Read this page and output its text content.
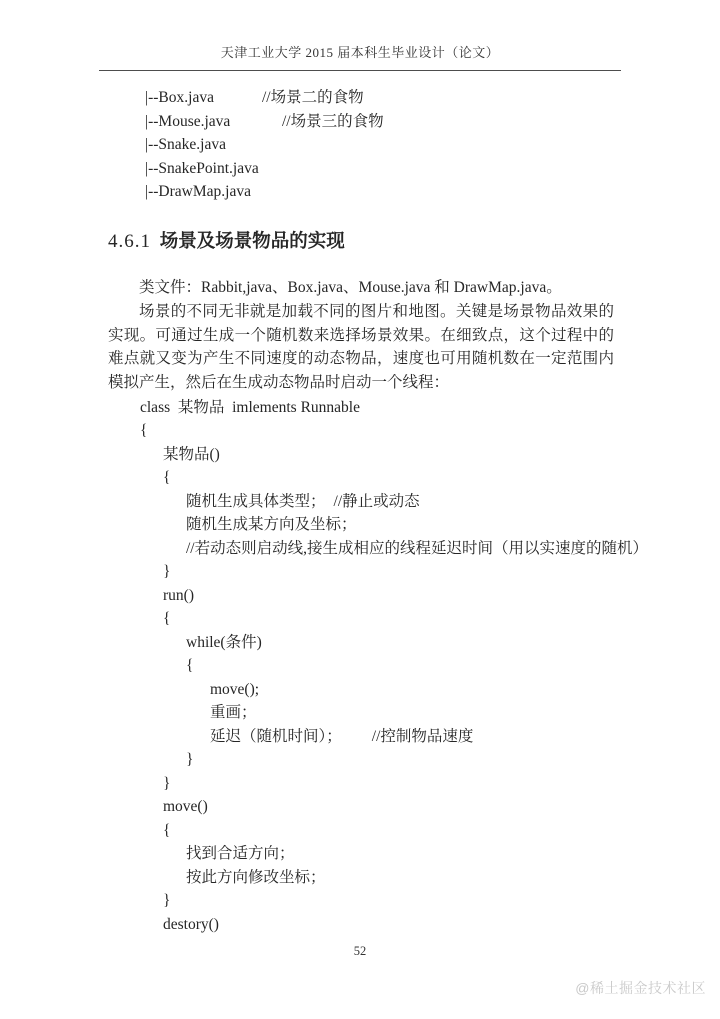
天津工业大学 2015 届本科生毕业设计（论文）
|--Box.java	//场景二的食物
|--Mouse.java	//场景三的食物
|--Snake.java
|--SnakePoint.java
|--DrawMap.java
4.6.1 场景及场景物品的实现

类文件：Rabbit,java、Box.java、Mouse.java 和 DrawMap.java。

场景的不同无非就是加载不同的图片和地图。关键是场景物品效果的实现。可通过生成一个随机数来选择场景效果。在细致点，这个过程中的难点就又变为产生不同速度的动态物品，速度也可用随机数在一定范围内模拟产生，然后在生成动态物品时启动一个线程：

class  某物品  imlements Runnable
{
某物品()
{
随机生成具体类型； //静止或动态
随机生成某方向及坐标；
//若动态则启动线,接生成相应的线程延迟时间（用以实速度的随机）
}
run()
{
while(条件)
{
move();
重画；
延迟（随机时间）； //控制物品速度
}
}
move()
{
找到合适方向；
按此方向修改坐标；
}
destory()
52
@稀土掘金技术社区
